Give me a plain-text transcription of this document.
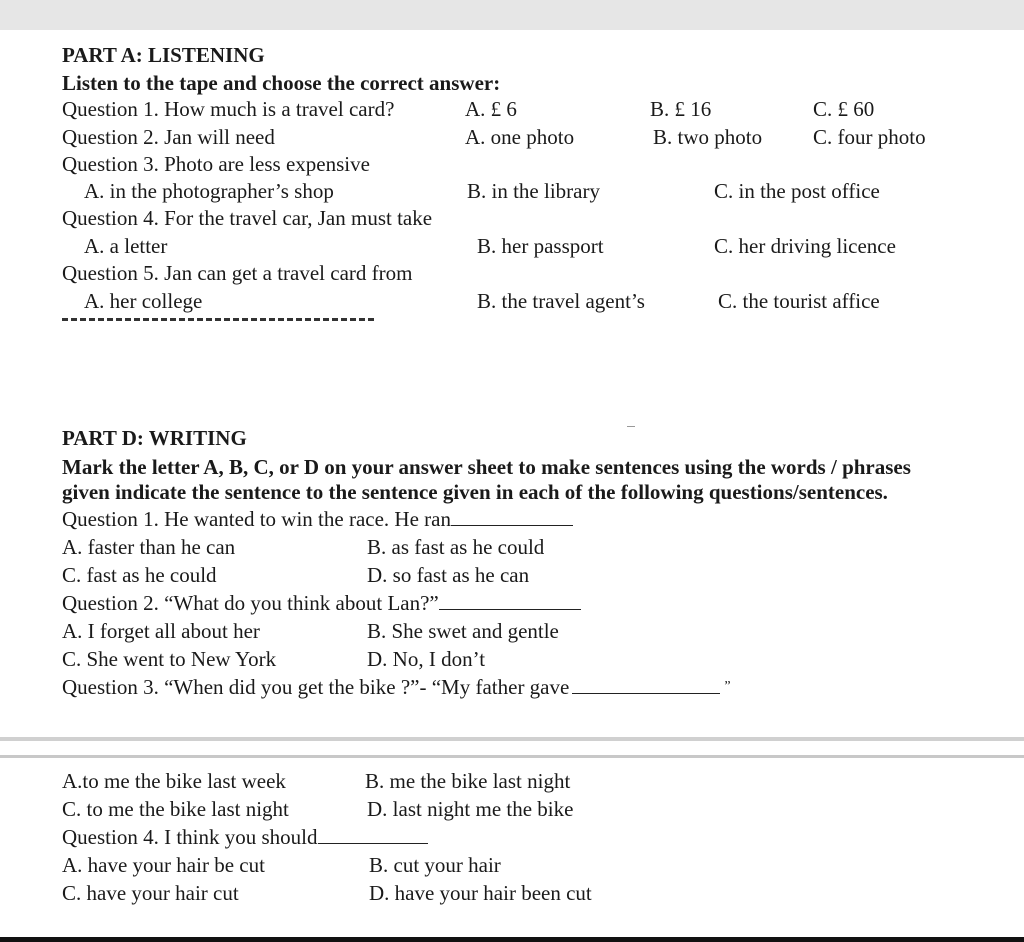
PART A: LISTENING
Listen to the tape and choose the correct answer:
Question 1. How much is a travel card?	A. £ 6	B. £ 16	C. £ 60
Question 2. Jan will need	A. one photo	B. two photo C. four photo
Question 3. Photo are less expensive
A. in the photographer’s shop	B. in the library	C. in the post office
Question 4. For the travel car, Jan must take
A. a letter	B. her passport	C. her driving licence
Question 5. Jan can get a travel card from
A. her college	B. the travel agent’s	C. the tourist affice
PART D: WRITING
Mark the letter A, B, C, or D on your answer sheet to make sentences using the words / phrases
given indicate the sentence to the sentence given in each of the following questions/sentences.
Question 1. He wanted to win the race. He ran
A. faster than he can	B. as fast as he could
C. fast as he could	D. so fast as he can
Question 2. “What do you think about Lan?”
A. I forget all about her	B. She swet and gentle
C. She went to New York	D. No, I don’t
Question 3. “When did you get the bike ?”- “My father gave	”
A.to me the bike last week	B. me the bike last night
C. to me the bike last night	D. last night me the bike
Question 4. I think you should
A. have your hair be cut	B. cut your hair
C. have your hair cut	D. have your hair been cut
